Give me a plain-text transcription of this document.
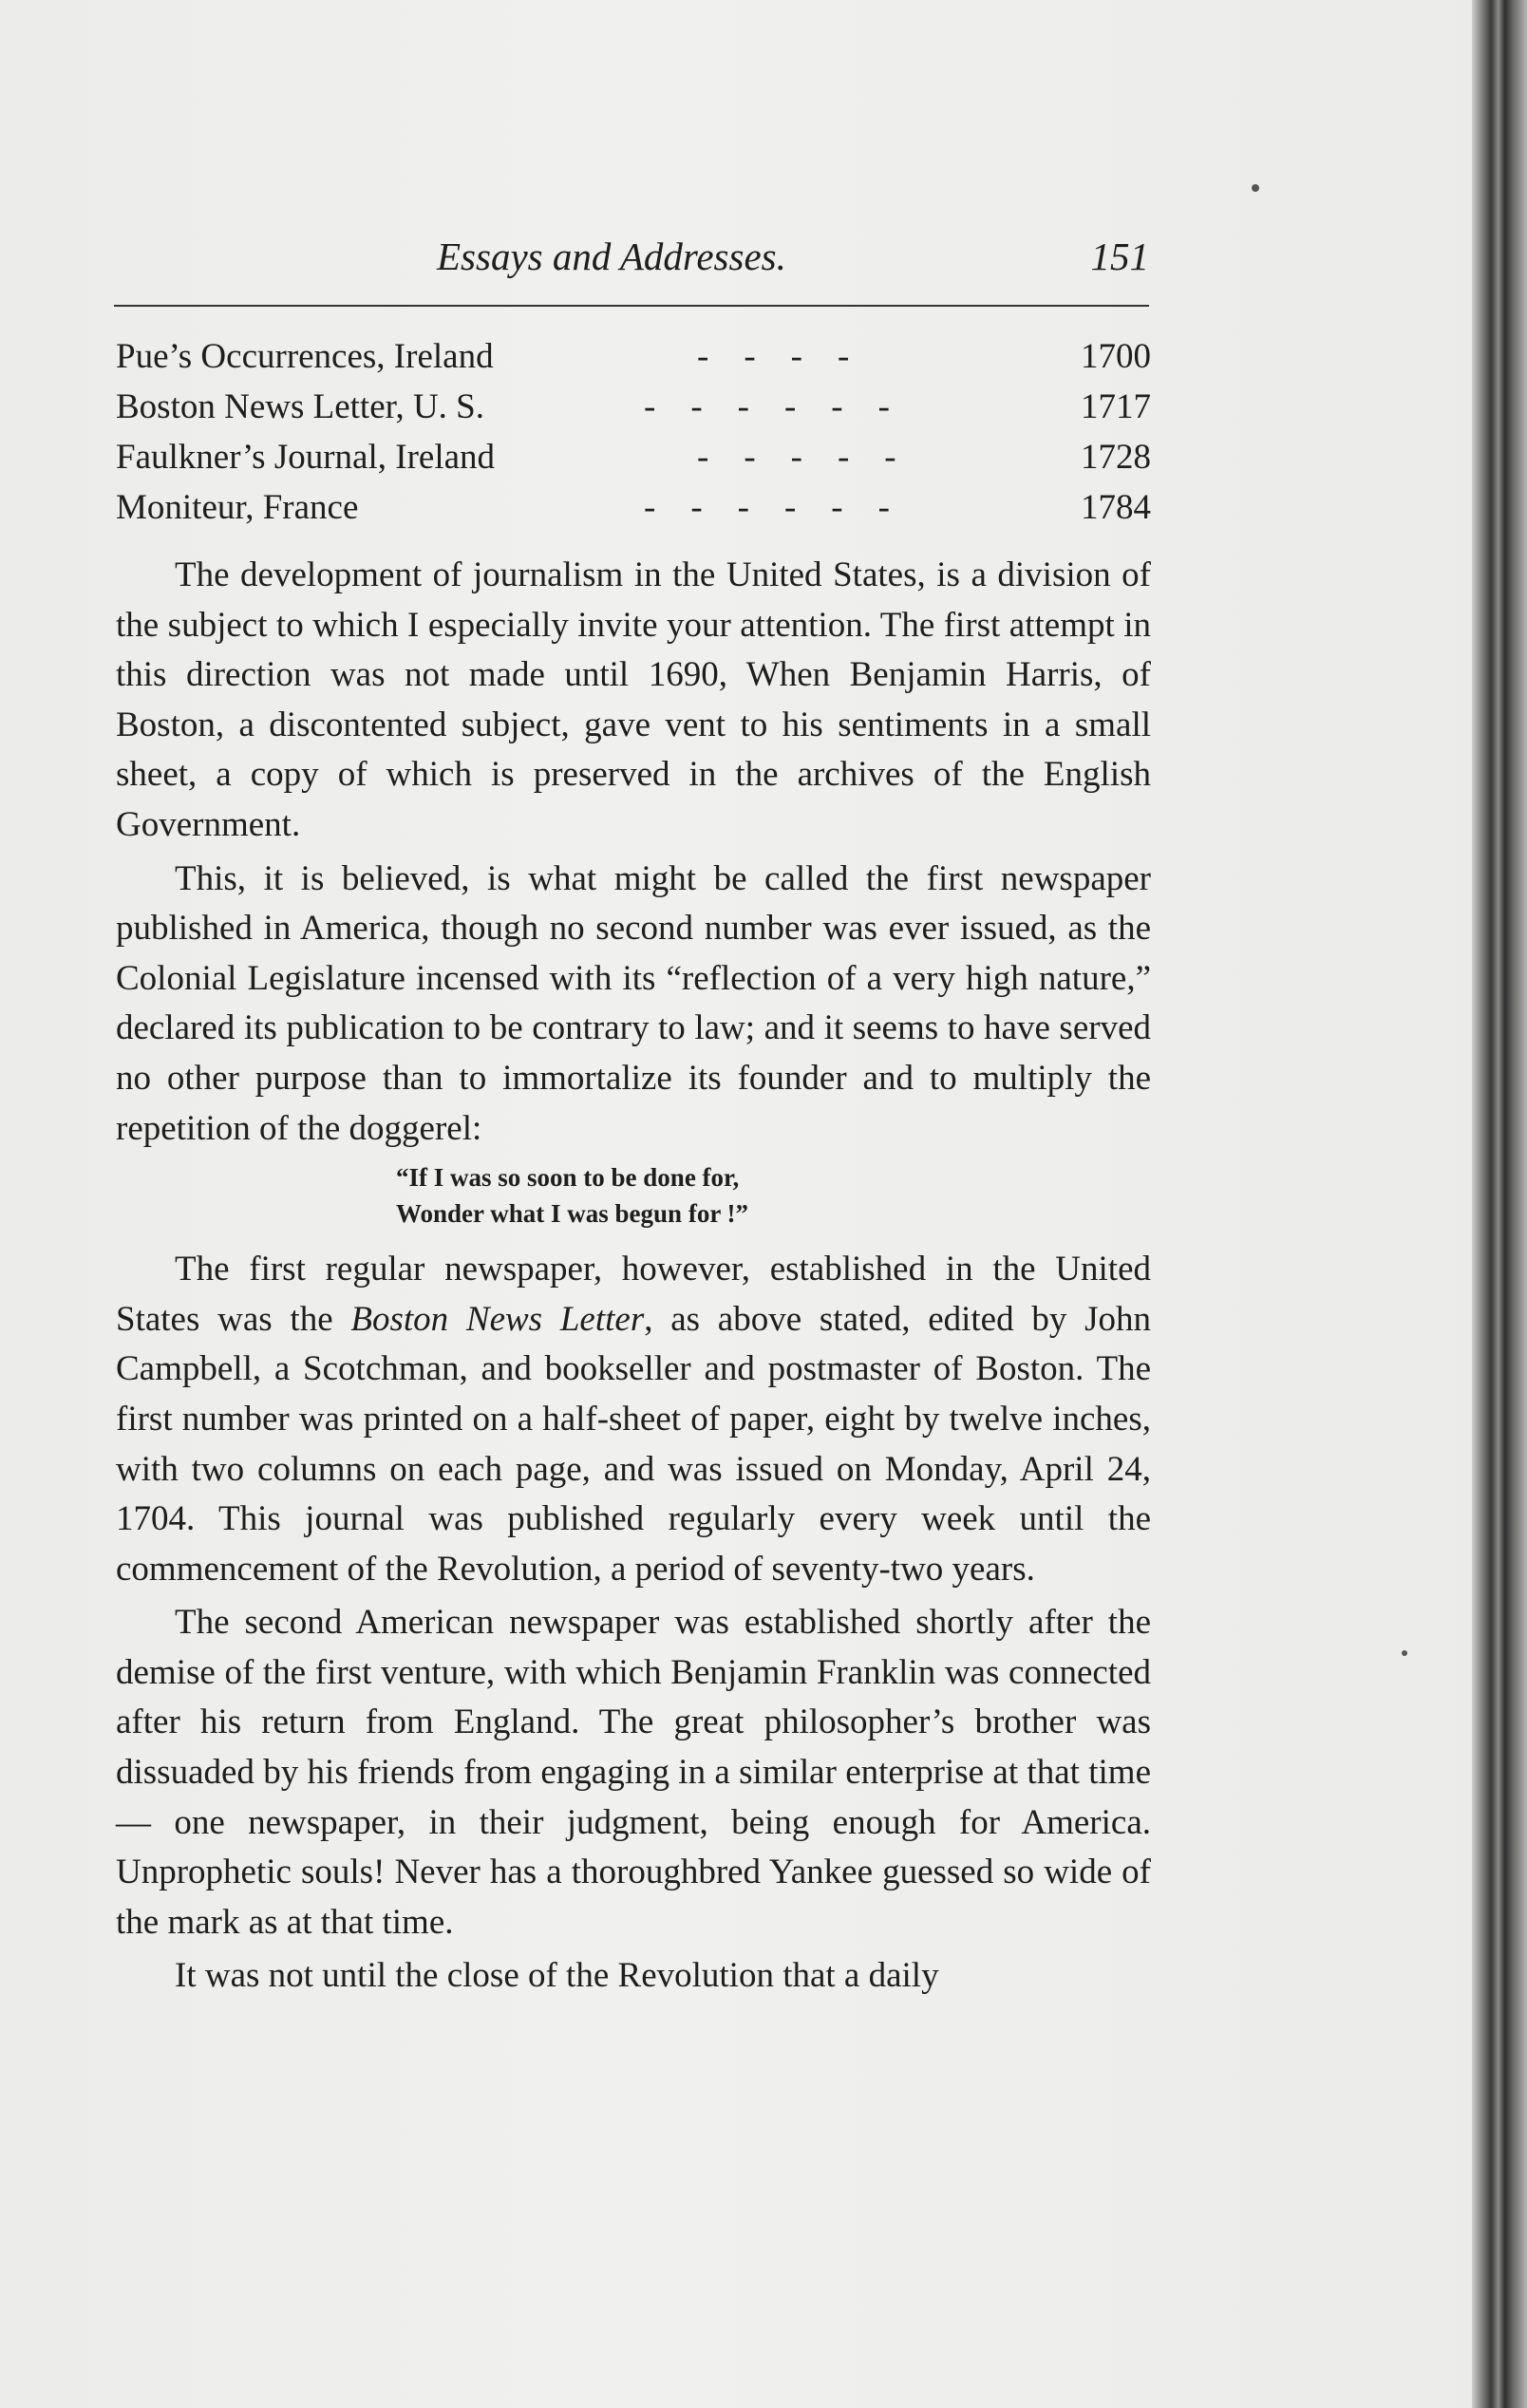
Essays and Addresses.	151
Pue’s Occurrences, Ireland	-    -    -    -	1700
Boston News Letter, U. S.	-    -    -    -    -    -	1717
Faulkner’s Journal, Ireland	-    -    -    -    -	1728
Moniteur, France	-    -    -    -    -    -	1784

The development of journalism in the United States, is a division of the subject to which I especially invite your attention. The first attempt in this direction was not made until 1690, When Benjamin Harris, of Boston, a discontented subject, gave vent to his sentiments in a small sheet, a copy of which is preserved in the archives of the English Government.

This, it is believed, is what might be called the first newspaper published in America, though no second number was ever issued, as the Colonial Legislature incensed with its “reflection of a very high nature,” declared its publication to be contrary to law; and it seems to have served no other purpose than to immortalize its founder and to multiply the repetition of the doggerel:

“If I was so soon to be done for,
Wonder what I was begun for !”

The first regular newspaper, however, established in the United States was the Boston News Letter, as above stated, edited by John Campbell, a Scotchman, and bookseller and postmaster of Boston. The first number was printed on a half-sheet of paper, eight by twelve inches, with two columns on each page, and was issued on Monday, April 24, 1704. This journal was published regularly every week until the commencement of the Revolution, a period of seventy-two years.

The second American newspaper was established shortly after the demise of the first venture, with which Benjamin Franklin was connected after his return from England. The great philosopher’s brother was dissuaded by his friends from engaging in a similar enterprise at that time — one newspaper, in their judgment, being enough for America. Unprophetic souls! Never has a thoroughbred Yankee guessed so wide of the mark as at that time.

It was not until the close of the Revolution that a daily
